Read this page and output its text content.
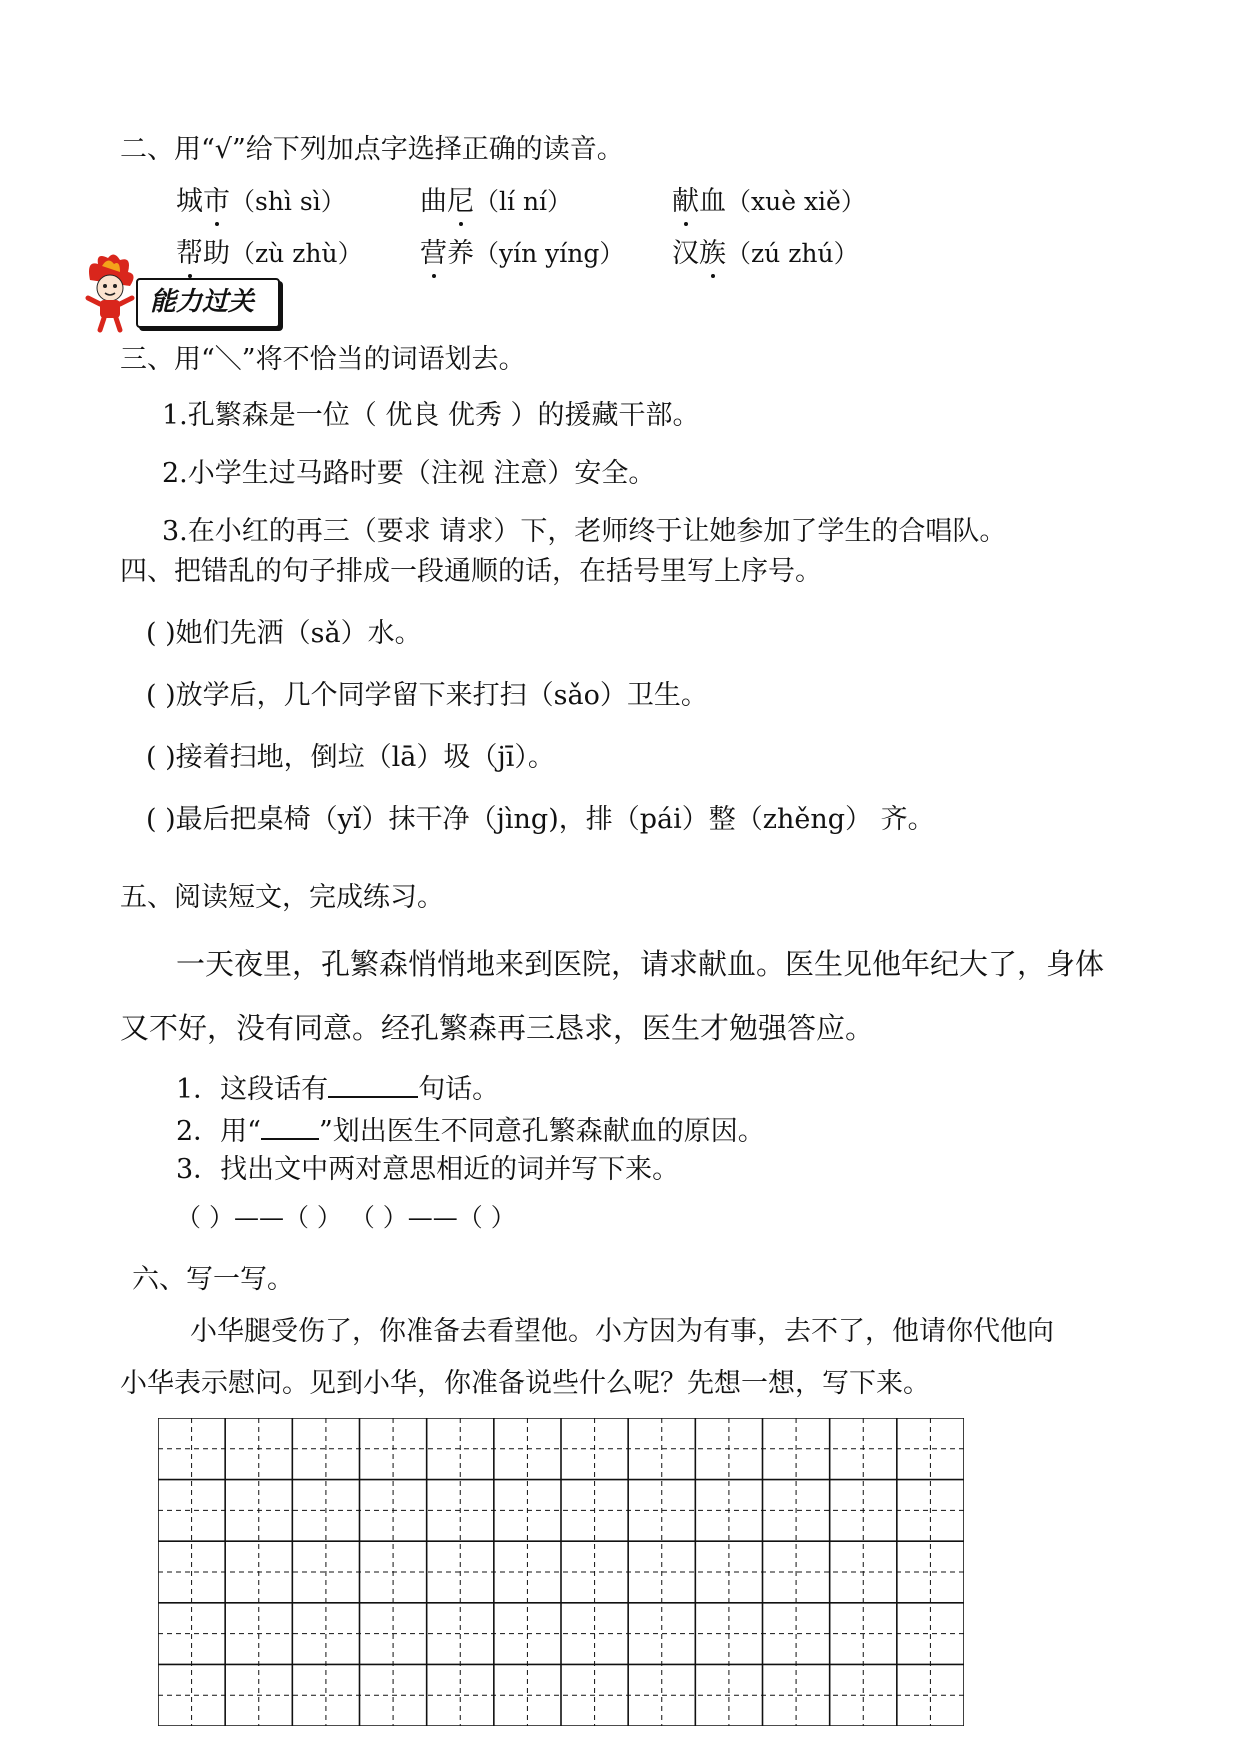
二、用“√”给下列加点字选择正确的读音。
城市（shì sì）	曲尼（lí ní）	献血（xuè xiě）
帮助（zù zhù） 营养（yín yíng） 汉族（zú zhú）
能力过关
三、用“＼”将不恰当的词语划去。
1.孔繁森是一位（ 优良 优秀 ）的援藏干部。
2.小学生过马路时要（注视 注意）安全。
3.在小红的再三（要求 请求）下，老师终于让她参加了学生的合唱队。
四、把错乱的句子排成一段通顺的话，在括号里写上序号。
( )她们先洒（sǎ）水。
( )放学后，几个同学留下来打扫（sǎo）卫生。
( )接着扫地，倒垃（lā）圾（jī）。
( )最后把桌椅（yǐ）抹干净（jìng)，排（pái）整（zhěng） 齐。
五、阅读短文，完成练习。
一天夜里，孔繁森悄悄地来到医院，请求献血。医生见他年纪大了，身体
又不好，没有同意。经孔繁森再三恳求，医生才勉强答应。
1．这段话有	句话。
2．用“ ”划出医生不同意孔繁森献血的原因。
3．找出文中两对意思相近的词并写下来。
（ ）——（ ） （ ）——（ ）
六、写一写。
小华腿受伤了，你准备去看望他。小方因为有事，去不了，他请你代他向
小华表示慰问。见到小华，你准备说些什么呢？先想一想，写下来。
